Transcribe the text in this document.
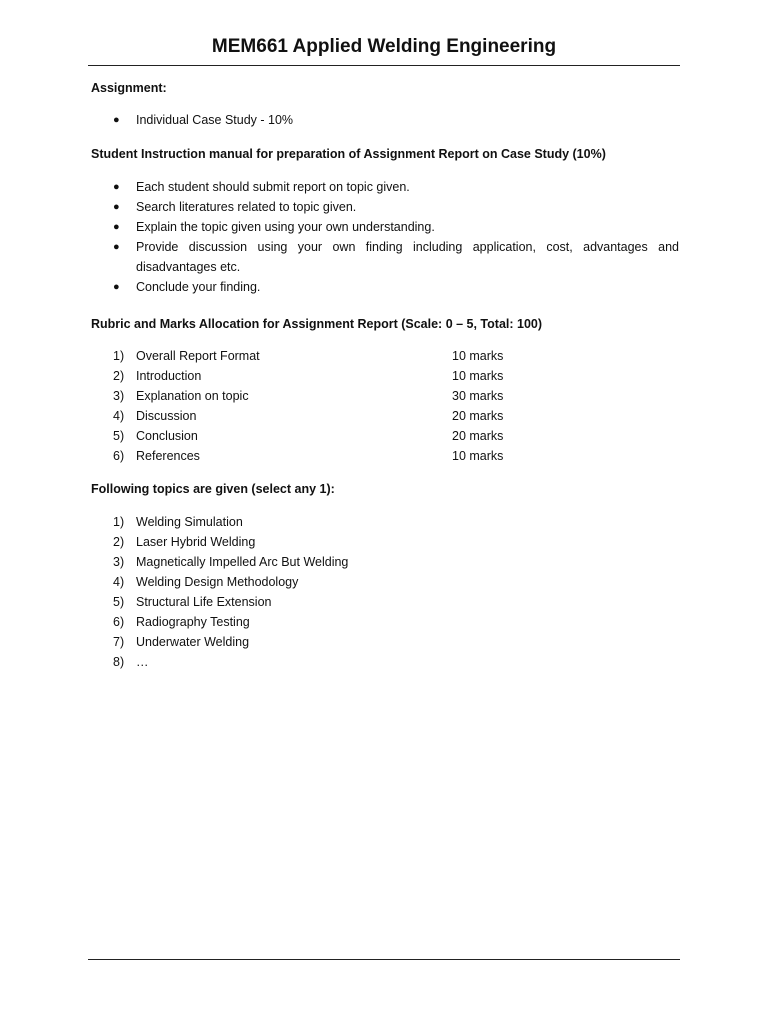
MEM661 Applied Welding Engineering
Assignment:
● Individual Case Study - 10%
Student Instruction manual for preparation of Assignment Report on Case Study (10%)
● Each student should submit report on topic given.
● Search literatures related to topic given.
● Explain the topic given using your own understanding.
● Provide discussion using your own finding including application, cost, advantages and disadvantages etc.
● Conclude your finding.
Rubric and Marks Allocation for Assignment Report (Scale: 0 – 5, Total: 100)
1) Overall Report Format	10 marks
2) Introduction	10 marks
3) Explanation on topic	30 marks
4) Discussion	20 marks
5) Conclusion	20 marks
6) References	10 marks
Following topics are given (select any 1):
1) Welding Simulation
2) Laser Hybrid Welding
3) Magnetically Impelled Arc But Welding
4) Welding Design Methodology
5) Structural Life Extension
6) Radiography Testing
7) Underwater Welding
8) …
